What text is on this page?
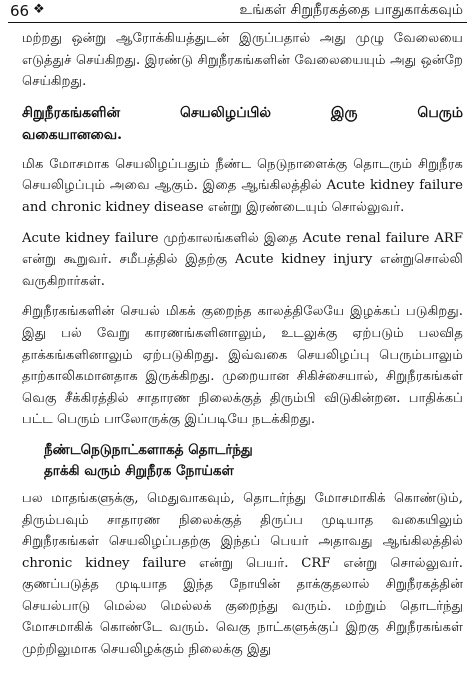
66 ❖	உங்கள் சிறுநீரகத்தை பாதுகாக்கவும்

மற்றது ஒன்று ஆரோக்கியத்துடன் இருப்பதால் அது முழு வேலையை எடுத்துச் செய்கிறது. இரண்டு சிறுநீரகங்களின் வேலையையும் அது ஒன்றே செய்கிறது.

சிறுநீரகங்களின்	செயலிழப்பில்	இரு	பெரும்
வகையானவை.

மிக மோசமாக செயலிழப்பதும் நீண்ட நெடுநாளைக்கு தொடரும் சிறுநீரக செயலிழப்பும் அவை ஆகும். இதை ஆங்கிலத்தில் Acute kidney failure and chronic kidney disease என்று இரண்டையும் சொல்லுவர்.

Acute kidney failure முற்காலங்களில் இதை Acute renal failure ARF என்று கூறுவர். சமீபத்தில் இதற்கு Acute kidney injury என்றுசொல்லி வருகிறார்கள்.

சிறுநீரகங்களின் செயல் மிகக் குறைந்த காலத்திலேயே இழக்கப் படுகிறது. இது பல் வேறு காரணங்களினாலும், உடலுக்கு ஏற்படும் பலவித தாக்கங்களினாலும் ஏற்படுகிறது. இவ்வகை செயலிழப்பு பெரும்பாலும் தாற்காலிகமானதாக இருக்கிறது. முறையான சிகிச்சையால், சிறுநீரகங்கள் வெகு சீக்கிரத்தில் சாதாரண நிலைக்குத் திரும்பி விடுகின்றன. பாதிக்கப் பட்ட பெரும் பாலோருக்கு இப்படியே நடக்கிறது.

நீண்டநெடுநாட்களாகத் தொடர்ந்து
தாக்கி வரும் சிறுநீரக நோய்கள்

பல மாதங்களுக்கு, மெதுவாகவும், தொடர்ந்து மோசமாகிக் கொண்டும், திரும்பவும் சாதாரண நிலைக்குத் திருப்ப முடியாத வகையிலும் சிறுநீரகங்கள் செயலிழப்பதற்கு இந்தப் பெயர் அதாவது ஆங்கிலத்தில் chronic kidney failure என்று பெயர். CRF என்று சொல்லுவர். குணப்படுத்த முடியாத இந்த நோயின் தாக்குதலால் சிறுநீரகத்தின் செயல்பாடு மெல்ல மெல்லக் குறைந்து வரும். மற்றும் தொடர்ந்து மோசமாகிக் கொண்டே வரும். வெகு நாட்களுக்குப் இறகு சிறுநீரகங்கள் முற்றிலுமாக செயலிழக்கும் நிலைக்கு இது
